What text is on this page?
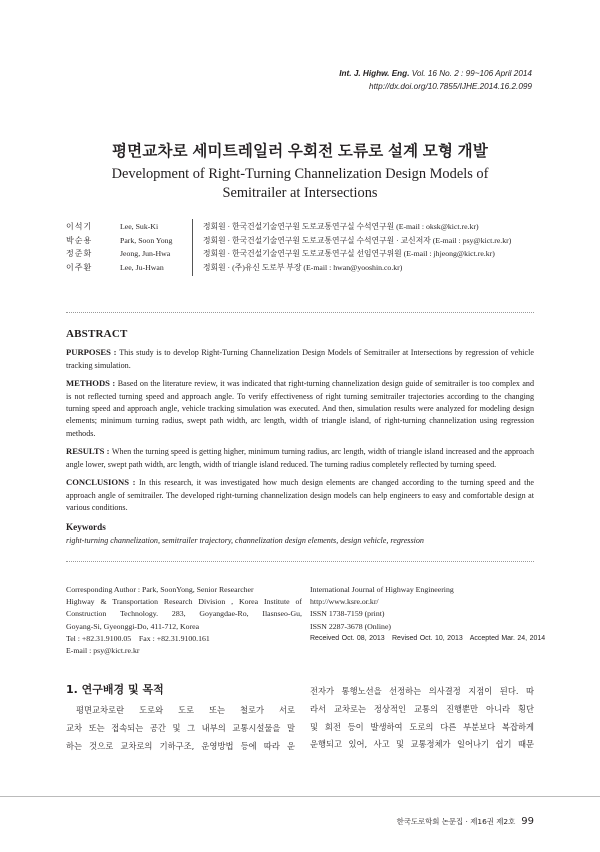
Int. J. Highw. Eng. Vol. 16 No. 2 : 99~106 April 2014
http://dx.doi.org/10.7855/IJHE.2014.16.2.099
평면교차로 세미트레일러 우회전 도류로 설계 모형 개발
Development of Right-Turning Channelization Design Models of
Semitrailer at Intersections
이석기	Lee, Suk-Ki	정회원 · 한국건설기술연구원 도로교통연구실 수석연구원 (E-mail : oksk@kict.re.kr)
박순용	Park, Soon Yong	정회원 · 한국건설기술연구원 도로교통연구실 수석연구원 · 교신저자 (E-mail : psy@kict.re.kr)
정준화	Jeong, Jun-Hwa	정회원 · 한국건설기술연구원 도로교통연구실 선임연구위원 (E-mail : jhjeong@kict.re.kr)
이주환	Lee, Ju-Hwan	정회원 · (주)유신 도로부 부장 (E-mail : hwan@yooshin.co.kr)
ABSTRACT

PURPOSES : This study is to develop Right-Turning Channelization Design Models of Semitrailer at Intersections by regression of vehicle tracking simulation.

METHODS : Based on the literature review, it was indicated that right-turning channelization design guide of semitrailer is too complex and is not reflected turning speed and approach angle. To verify effectiveness of right turning semitrailer trajectories according to the changing turning speed and approach angle, vehicle tracking simulation was executed. And then, simulation results were analyzed for modeling design elements; minimum turning radius, swept path width, arc length, width of triangle island, of right-turning channelization using regression methods.

RESULTS : When the turning speed is getting higher, minimum turning radius, arc length, width of triangle island increased and the approach angle lower, swept path width, arc length, width of triangle island reduced. The turning radius completely reflected by turning speed.

CONCLUSIONS : In this research, it was investigated how much design elements are changed according to the turning speed and the approach angle of semitrailer. The developed right-turning channelization design models can help engineers to easy and comfortable design at various conditions.

Keywords

right-turning channelization, semitrailer trajectory, channelization design elements, design vehicle, regression

Corresponding Author : Park, SoonYong, Senior Researcher
Highway & Transportation Research Division , Korea Institute of
Construction Technology. 283, Goyangdae-Ro, Ilasnseo-Gu,
Goyang-Si, Gyeonggi-Do, 411-712, Korea
Tel : +82.31.9100.05    Fax : +82.31.9100.161
E-mail : psy@kict.re.kr
International Journal of Highway Engineering
http://www.ksre.or.kr/
ISSN 1738-7159 (print)
ISSN 2287-3678 (Online)
Received Oct. 08, 2013   Revised Oct. 10, 2013   Accepted Mar. 24, 2014
1. 연구배경 및 목적
평면교차로란 도로와 도로 또는 철로가 서로
교차 또는 접속되는 공간 및 그 내부의 교통시설물을 말
하는 것으로 교차로의 기하구조, 운영방법 등에 따라 운
전자가 통행노선을 선정하는 의사결정 지점이 된다. 따
라서 교차로는 정상적인 교통의 진행뿐만 아니라 횡단
및 회전 등이 발생하여 도로의 다른 부분보다 복잡하게
운행되고 있어, 사고 및 교통정체가 일어나기 쉽기 때문
한국도로학회 논문집 · 제16권 제2호 99
